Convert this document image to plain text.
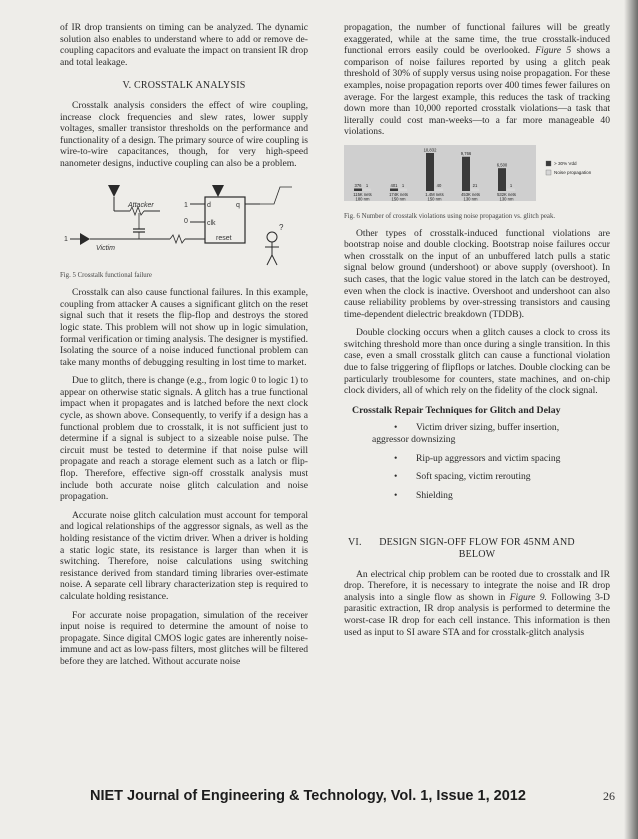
of IR drop transients on timing can be analyzed. The dynamic solution also enables to understand where to add or remove de-coupling capacitors and evaluate the impact on transient IR drop and total leakage.

V. CROSSTALK ANALYSIS

Crosstalk analysis considers the effect of wire coupling, increase clock frequencies and slew rates, lower supply voltages, smaller transistor thresholds on the performance and functionality of a design. The primary source of wire coupling is wire-to-wire capacitances, though, for very high-speed nanometer designs, inductive coupling can also be a problem.

Attacker
1
Victim
d	q
clk
reset
1
0
?

Fig. 5 Crosstalk functional failure

Crosstalk can also cause functional failures. In this example, coupling from attacker A causes a significant glitch on the reset signal such that it resets the flip-flop and destroys the stored logic state. This problem will not show up in logic simulation, formal verification or timing analysis. The designer is mystified. Isolating the source of a noise induced functional problem can take many months of debugging resulting in lost time to market.

Due to glitch, there is change (e.g., from logic 0 to logic 1) to appear on otherwise static signals. A glitch has a true functional impact when it propagates and is latched before the next clock cycle, as shown above. Consequently, to verify if a design has a functional problem due to crosstalk, it is not sufficient just to determine if a signal is subject to a sizeable noise pulse. The circuit must be tested to determine if that noise pulse will propagate and reach a storage element such as a latch or flip-flop. Therefore, effective sign-off crosstalk analysis must include both accurate noise glitch calculation and noise propagation.

Accurate noise glitch calculation must account for temporal and logical relationships of the aggressor signals, as well as the holding resistance of the victim driver. When a driver is holding a static logic state, its resistance is larger than when it is switching. Therefore, noise calculations using switching resistance derived from standard timing libraries over-estimate noise. A separate cell library characterization step is required to calculate holding resistance.

For accurate noise propagation, simulation of the receiver input noise is required to determine the amount of noise to propagate. Since digital CMOS logic gates are inherently noise-immune and act as low-pass filters, most glitches will be filtered before they are latched. Without accurate noise

propagation, the number of functional failures will be greatly exaggerated, while at the same time, the true crosstalk-induced functional errors easily could be overlooked. Figure 5 shows a comparison of noise failures reported by using a glitch peak threshold of 30% of supply versus using noise propagation. For these examples, noise propagation reports over 400 times fewer failures on average. For the largest example, this reduces the task of tracking down more than 10,000 reported crosstalk violations—a task that literally could cost man-weeks—to a far more manageable 40 violations.

376 1
115K nets
180 nm
401 1
174K nets
150 nm
10,832
40
1.4M nets
150 nm
9,766
21
453K nets
130 nm
6,500
1
532K nets
130 nm
> 30% Vdd
Noise propagation

Fig. 6 Number of crosstalk violations using noise propagation vs. glitch peak.

Other types of crosstalk-induced functional violations are bootstrap noise and double clocking. Bootstrap noise failures occur when crosstalk on the input of an unbuffered latch pulls a static signal below ground (undershoot) or above supply (overshoot). In such cases, that the logic value stored in the latch can be destroyed, even when the clock is inactive. Overshoot and undershoot can also cause reliability problems by over-stressing transistors and causing time-dependent dielectric breakdown (TDDB).

Double clocking occurs when a glitch causes a clock to cross its switching threshold more than once during a single transition. In this case, even a small crosstalk glitch can cause a functional violation due to false triggering of flipflops or latches. Double clocking can be particularly troublesome for counters, state machines, and on-chip clock dividers, all of which rely on the fidelity of the clock signal.

Crosstalk Repair Techniques for Glitch and Delay
• Victim driver sizing, buffer insertion,
aggressor downsizing
• Rip-up aggressors and victim spacing
• Soft spacing, victim rerouting
• Shielding
VI. DESIGN SIGN-OFF FLOW FOR 45NM AND
BELOW

An electrical chip problem can be rooted due to crosstalk and IR drop. Therefore, it is necessary to integrate the noise and IR drop analysis into a single flow as shown in Figure 9. Following 3-D parasitic extraction, IR drop analysis is performed to determine the worst-case IR drop for each cell instance. This information is then used as input to SI aware STA and for crosstalk-glitch analysis

NIET Journal of Engineering & Technology, Vol. 1, Issue 1, 2012	26
